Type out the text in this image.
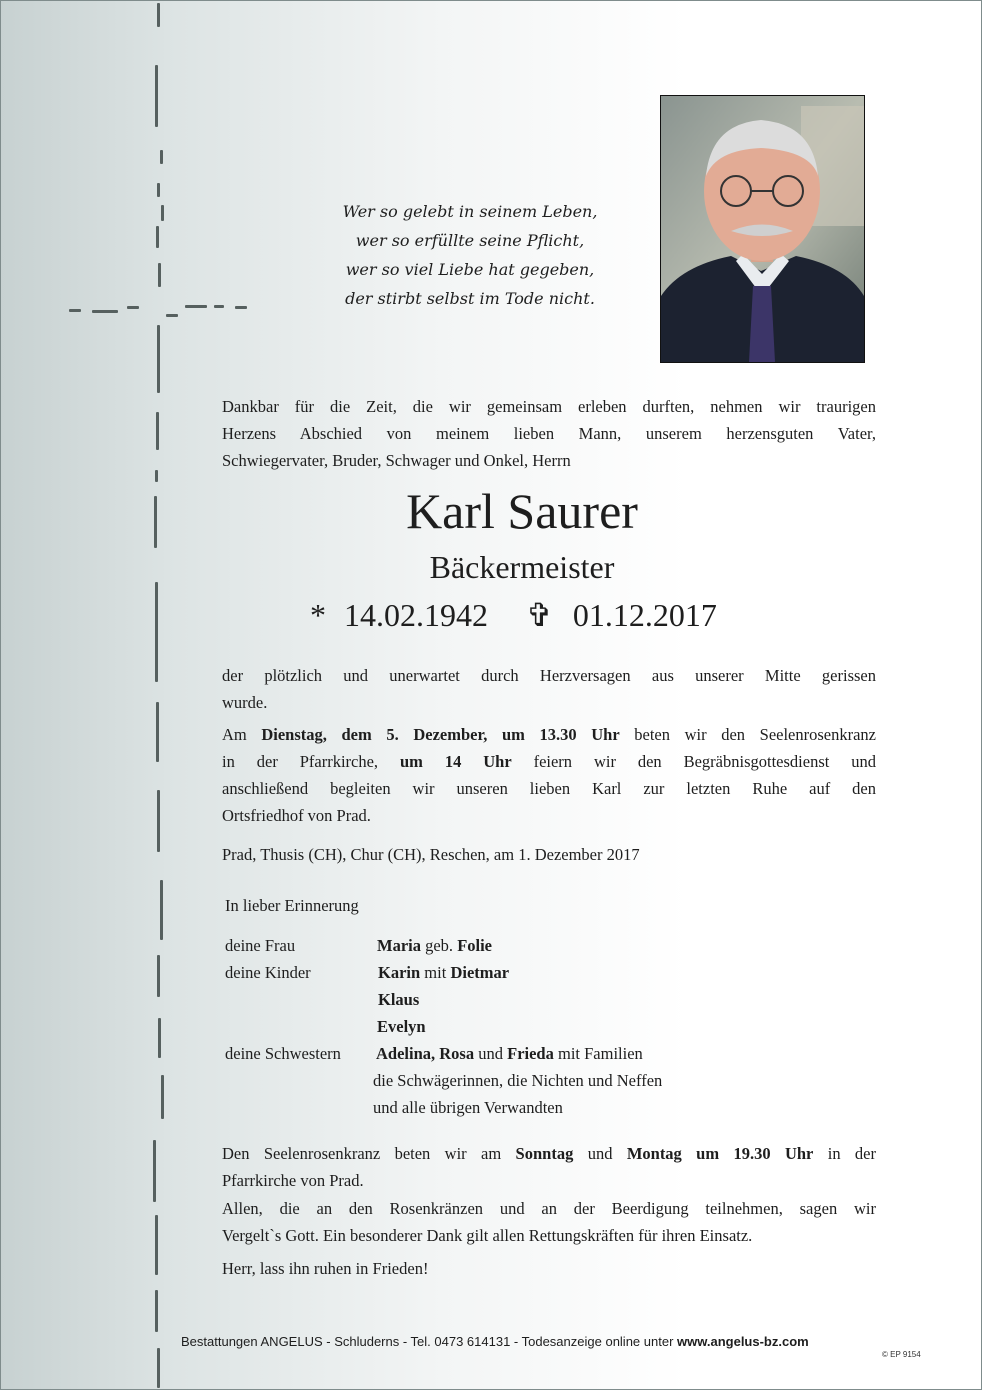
Wer so gelebt in seinem Leben,
wer so erfüllte seine Pflicht,
wer so viel Liebe hat gegeben,
der stirbt selbst im Tode nicht.
Dankbar für die Zeit, die wir gemeinsam erleben durften, nehmen wir traurigen
Herzens Abschied von meinem lieben Mann, unserem herzensguten Vater,
Schwiegervater, Bruder, Schwager und Onkel, Herrn
Karl Saurer
Bäckermeister
* 14.02.1942 ✞ 01.12.2017
der plötzlich und unerwartet durch Herzversagen aus unserer Mitte gerissen
wurde.
Am Dienstag, dem 5. Dezember, um 13.30 Uhr beten wir den Seelenrosenkranz
in der Pfarrkirche, um 14 Uhr feiern wir den Begräbnisgottesdienst und
anschließend begleiten wir unseren lieben Karl zur letzten Ruhe auf den
Ortsfriedhof von Prad.
Prad, Thusis (CH), Chur (CH), Reschen, am 1. Dezember 2017
In lieber Erinnerung
deine Frau	Maria geb. Folie
deine Kinder	Karin mit Dietmar
Klaus
Evelyn
deine Schwestern Adelina, Rosa und Frieda mit Familien
die Schwägerinnen, die Nichten und Neffen
und alle übrigen Verwandten
Den Seelenrosenkranz beten wir am Sonntag und Montag um 19.30 Uhr in der
Pfarrkirche von Prad.
Allen, die an den Rosenkränzen und an der Beerdigung teilnehmen, sagen wir
Vergelt`s Gott. Ein besonderer Dank gilt allen Rettungskräften für ihren Einsatz.
Herr, lass ihn ruhen in Frieden!
Bestattungen ANGELUS - Schluderns - Tel. 0473 614131 - Todesanzeige online unter www.angelus-bz.com
© EP 9154
